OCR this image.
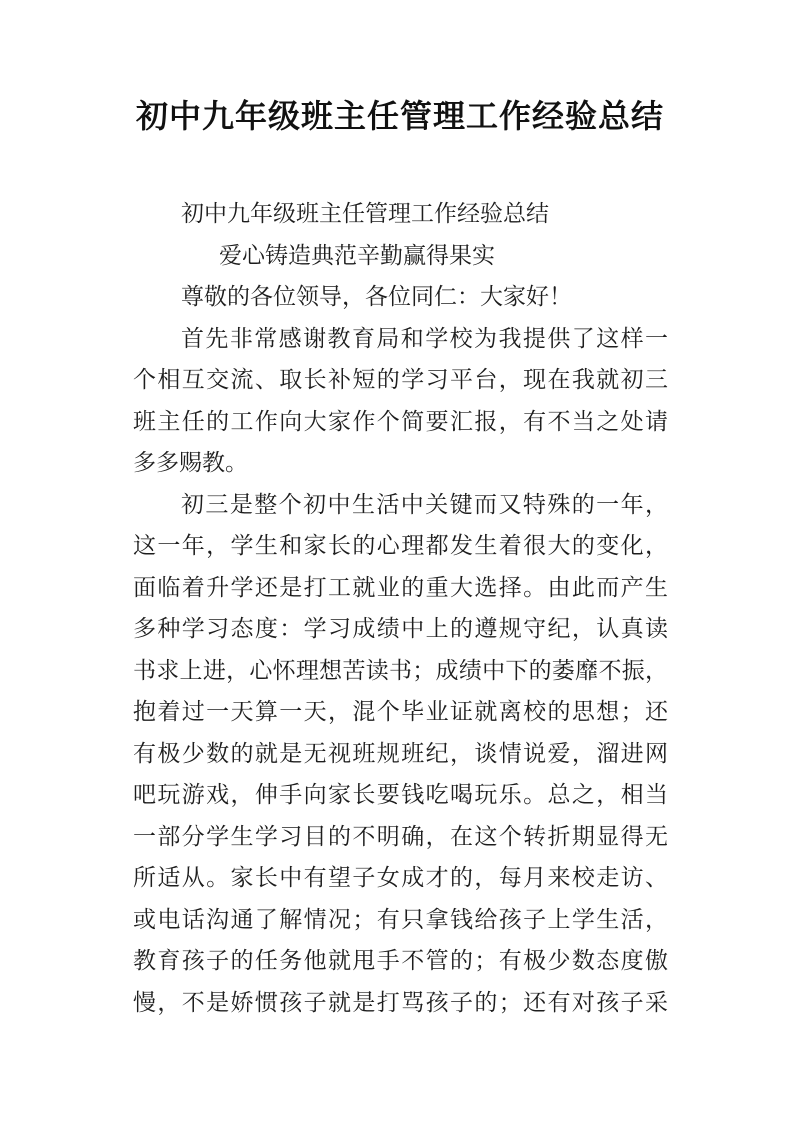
初中九年级班主任管理工作经验总结
初中九年级班主任管理工作经验总结
爱心铸造典范辛勤赢得果实
尊敬的各位领导，各位同仁：大家好！
首先非常感谢教育局和学校为我提供了这样一
个相互交流、取长补短的学习平台，现在我就初三
班主任的工作向大家作个简要汇报，有不当之处请
多多赐教。
初三是整个初中生活中关键而又特殊的一年，
这一年，学生和家长的心理都发生着很大的变化，
面临着升学还是打工就业的重大选择。由此而产生
多种学习态度：学习成绩中上的遵规守纪，认真读
书求上进，心怀理想苦读书；成绩中下的萎靡不振，
抱着过一天算一天，混个毕业证就离校的思想；还
有极少数的就是无视班规班纪，谈情说爱，溜进网
吧玩游戏，伸手向家长要钱吃喝玩乐。总之，相当
一部分学生学习目的不明确，在这个转折期显得无
所适从。家长中有望子女成才的，每月来校走访、
或电话沟通了解情况；有只拿钱给孩子上学生活，
教育孩子的任务他就甩手不管的；有极少数态度傲
慢，不是娇惯孩子就是打骂孩子的；还有对孩子采
